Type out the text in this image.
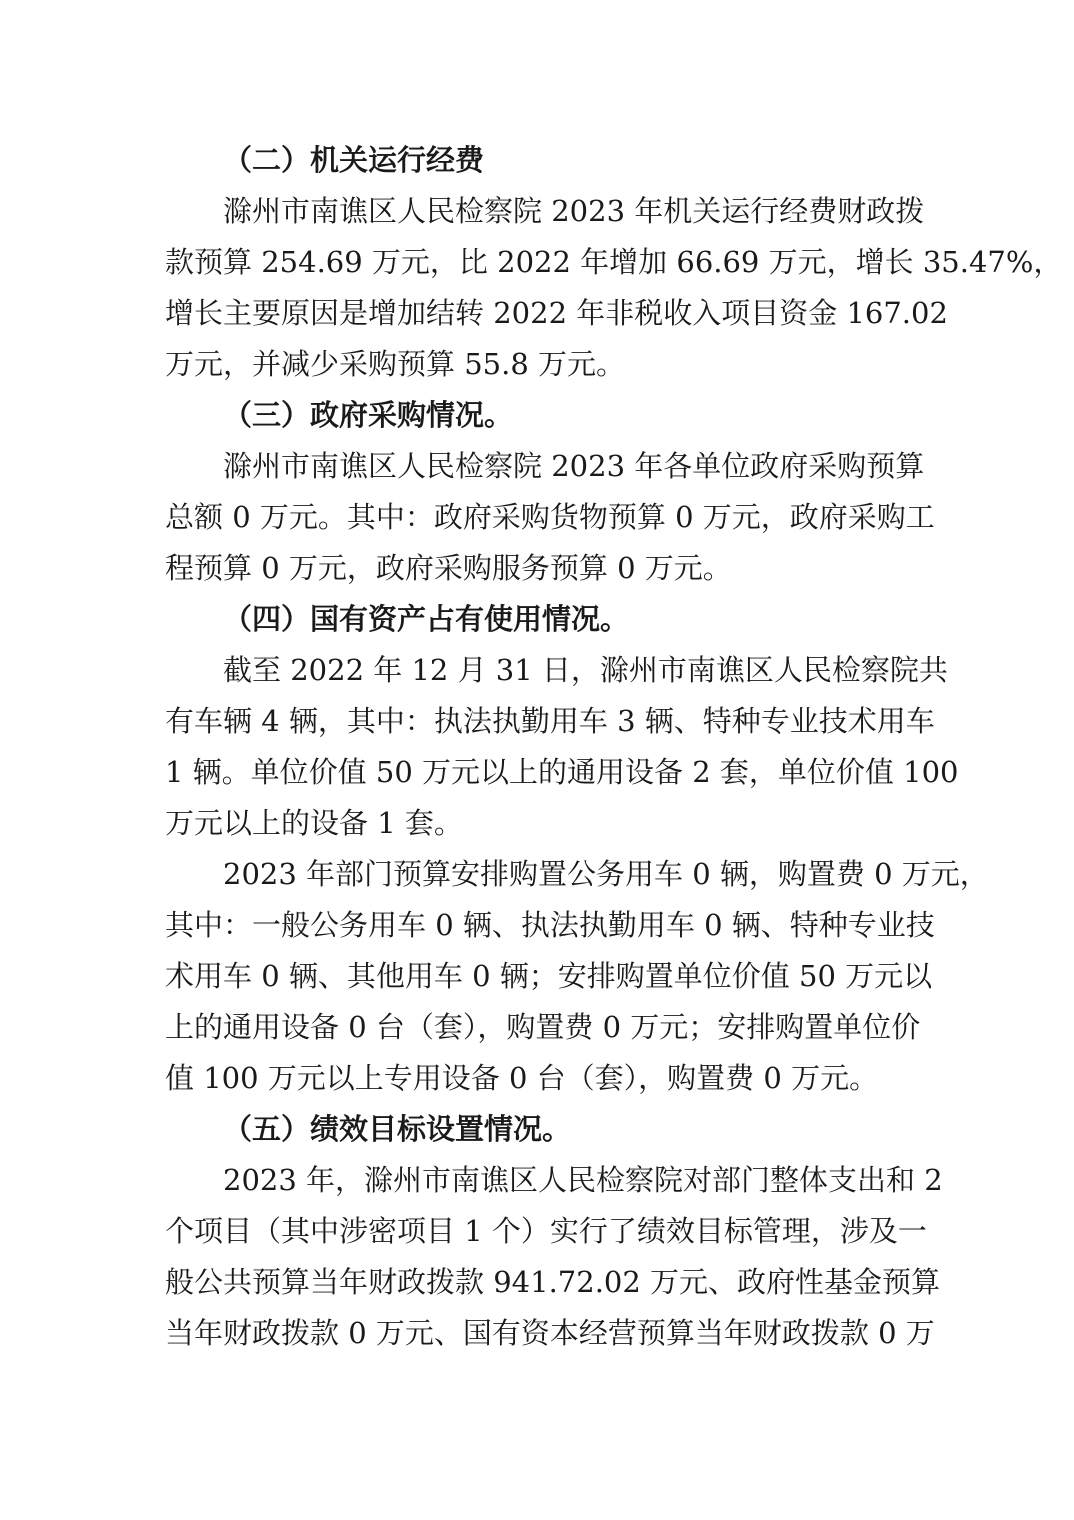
（二）机关运行经费
滁州市南谯区人民检察院 2023 年机关运行经费财政拨
款预算 254.69 万元，比 2022 年增加 66.69 万元，增长 35.47%，
增长主要原因是增加结转 2022 年非税收入项目资金 167.02
万元，并减少采购预算 55.8 万元。
（三）政府采购情况。
滁州市南谯区人民检察院 2023 年各单位政府采购预算
总额 0 万元。其中：政府采购货物预算 0 万元，政府采购工
程预算 0 万元，政府采购服务预算 0 万元。
（四）国有资产占有使用情况。
截至 2022 年 12 月 31 日，滁州市南谯区人民检察院共
有车辆 4 辆，其中：执法执勤用车 3 辆、特种专业技术用车
1 辆。单位价值 50 万元以上的通用设备 2 套，单位价值 100
万元以上的设备 1 套。
2023 年部门预算安排购置公务用车 0 辆，购置费 0 万元，
其中：一般公务用车 0 辆、执法执勤用车 0 辆、特种专业技
术用车 0 辆、其他用车 0 辆；安排购置单位价值 50 万元以
上的通用设备 0 台（套），购置费 0 万元；安排购置单位价
值 100 万元以上专用设备 0 台（套），购置费 0 万元。
（五）绩效目标设置情况。
2023 年，滁州市南谯区人民检察院对部门整体支出和 2
个项目（其中涉密项目 1 个）实行了绩效目标管理，涉及一
般公共预算当年财政拨款 941.72.02 万元、政府性基金预算
当年财政拨款 0 万元、国有资本经营预算当年财政拨款 0 万
